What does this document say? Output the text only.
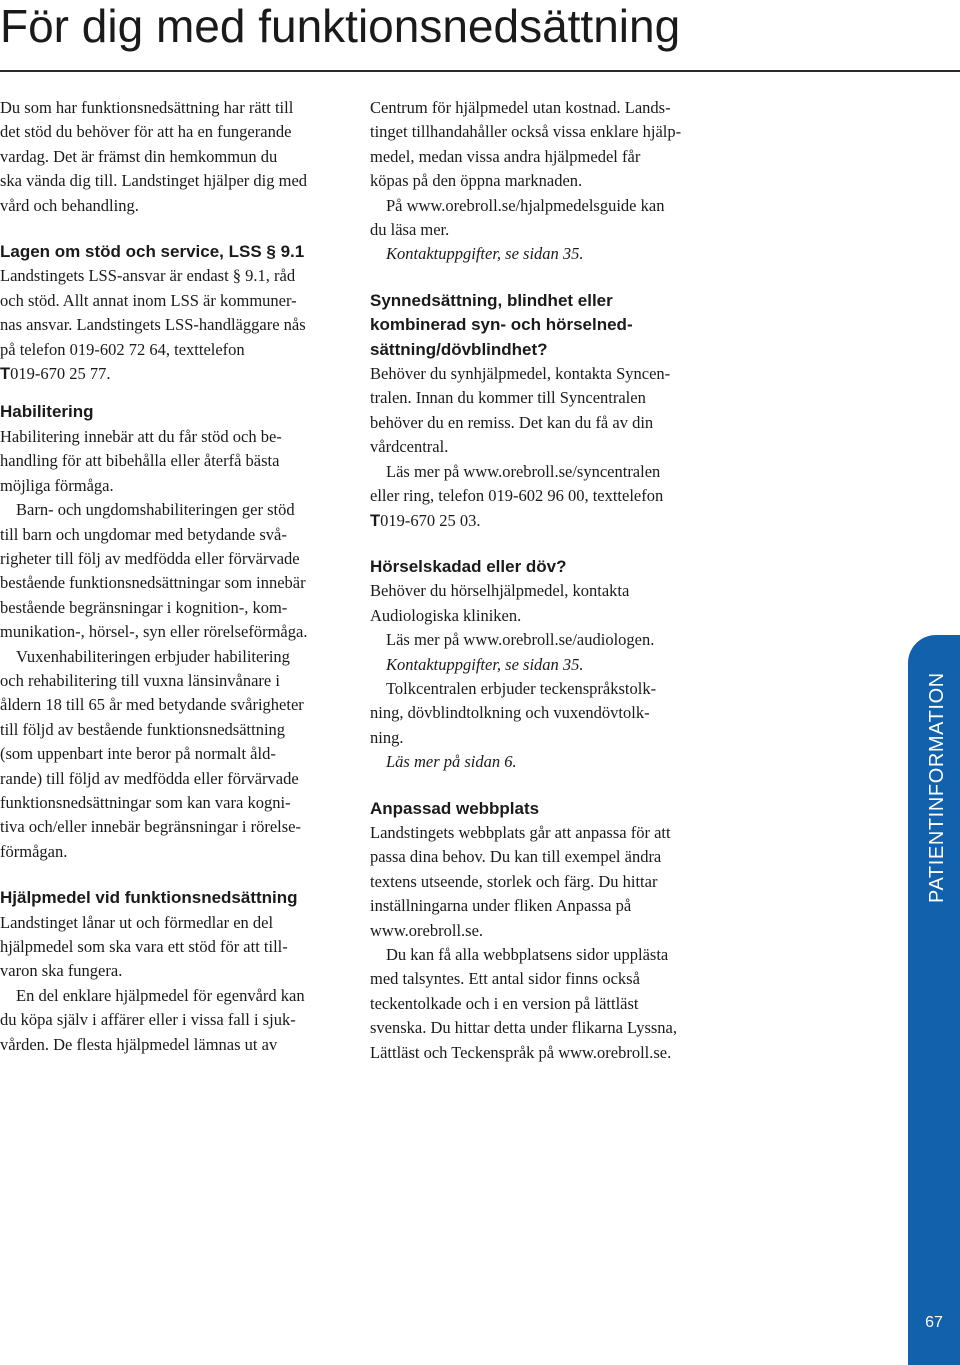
För dig med funktionsnedsättning

Du som har funktionsnedsättning har rätt till
det stöd du behöver för att ha en fungerande
vardag. Det är främst din hemkommun du
ska vända dig till. Landstinget hjälper dig med
vård och behandling.

Lagen om stöd och service, LSS § 9.1

Landstingets LSS-ansvar är endast § 9.1, råd
och stöd. Allt annat inom LSS är kommuner-
nas ansvar. Landstingets LSS-handläggare nås
på telefon 019-602 72 64, texttelefon
T019-670 25 77.

Habilitering

Habilitering innebär att du får stöd och be-
handling för att bibehålla eller återfå bästa
möjliga förmåga.

Barn- och ungdomshabiliteringen ger stöd
till barn och ungdomar med betydande svå-
righeter till följ av medfödda eller förvärvade
bestående funktionsnedsättningar som innebär
bestående begränsningar i kognition-, kom-
munikation-, hörsel-, syn eller rörelseförmåga.

Vuxenhabiliteringen erbjuder habilitering
och rehabilitering till vuxna länsinvånare i
åldern 18 till 65 år med betydande svårigheter
till följd av bestående funktionsnedsättning
(som uppenbart inte beror på normalt åld-
rande) till följd av medfödda eller förvärvade
funktionsnedsättningar som kan vara kogni-
tiva och/eller innebär begränsningar i rörelse-
förmågan.

Hjälpmedel vid funktionsnedsättning

Landstinget lånar ut och förmedlar en del
hjälpmedel som ska vara ett stöd för att till-
varon ska fungera.

En del enklare hjälpmedel för egenvård kan
du köpa själv i affärer eller i vissa fall i sjuk-
vården. De flesta hjälpmedel lämnas ut av

Centrum för hjälpmedel utan kostnad. Lands-
tinget tillhandahåller också vissa enklare hjälp-
medel, medan vissa andra hjälpmedel får
köpas på den öppna marknaden.

På www.orebroll.se/hjalpmedelsguide kan
du läsa mer.

Kontaktuppgifter, se sidan 35.

Synnedsättning, blindhet eller
kombinerad syn- och hörselned-
sättning/dövblindhet?

Behöver du synhjälpmedel, kontakta Syncen-
tralen. Innan du kommer till Syncentralen
behöver du en remiss. Det kan du få av din
vårdcentral.

Läs mer på www.orebroll.se/syncentralen
eller ring, telefon 019-602 96 00, texttelefon
T019-670 25 03.

Hörselskadad eller döv?

Behöver du hörselhjälpmedel, kontakta
Audiologiska kliniken.

Läs mer på www.orebroll.se/audiologen.

Kontaktuppgifter, se sidan 35.

Tolkcentralen erbjuder teckenspråkstolk-
ning, dövblindtolkning och vuxendövtolk-
ning.

Läs mer på sidan 6.

Anpassad webbplats

Landstingets webbplats går att anpassa för att
passa dina behov. Du kan till exempel ändra
textens utseende, storlek och färg. Du hittar
inställningarna under fliken Anpassa på
www.orebroll.se.

Du kan få alla webbplatsens sidor upplästa
med talsyntes. Ett antal sidor finns också
teckentolkade och i en version på lättläst
svenska. Du hittar detta under flikarna Lyssna,
Lättläst och Teckenspråk på www.orebroll.se.

PATIENTINFORMATION
67
